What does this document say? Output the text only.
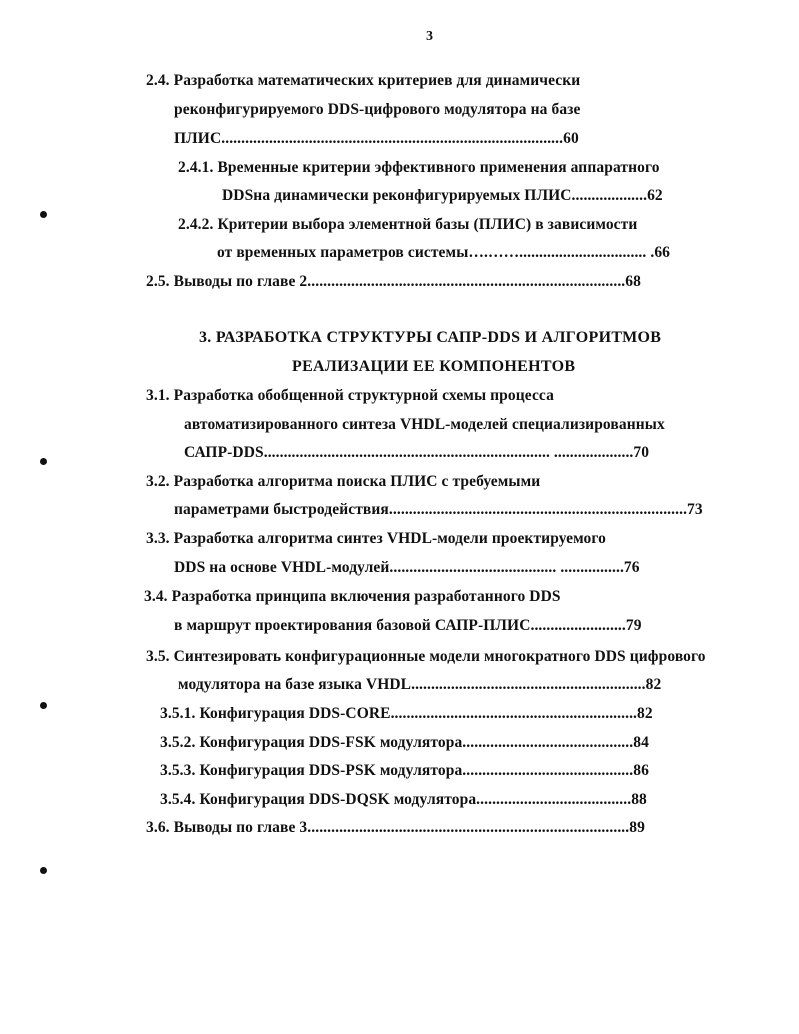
3
2.4. Разработка математических критериев для динамически
реконфигурируемого DDS-цифрового модулятора на базе
ПЛИС......................................................................................60
2.4.1. Временные критерии эффективного применения аппаратного
DDSна динамически реконфигурируемых ПЛИС...................62
2.4.2. Критерии выбора элементной базы (ПЛИС) в зависимости
от временных параметров системы….……................................ .66
2.5. Выводы по главе 2................................................................................68
3. РАЗРАБОТКА СТРУКТУРЫ САПР-DDS И АЛГОРИТМОВ
РЕАЛИЗАЦИИ ЕЕ КОМПОНЕНТОВ
3.1. Разработка обобщенной структурной схемы процесса
автоматизированного синтеза VHDL-моделей специализированных
САПР-DDS........................................................................ ....................70
3.2. Разработка алгоритма поиска ПЛИС с требуемыми
параметрами быстродействия...........................................................................73
3.3. Разработка алгоритма синтез VHDL-модели проектируемого
DDS на основе VHDL-модулей.......................................... ................76
3.4. Разработка принципа включения разработанного DDS
в маршрут проектирования базовой САПР-ПЛИС........................79
3.5. Синтезировать конфигурационные модели многократного DDS цифрового
модулятора на базе языка VHDL...........................................................82
3.5.1. Конфигурация DDS-CORE..............................................................82
3.5.2. Конфигурация DDS-FSK модулятора...........................................84
3.5.3. Конфигурация DDS-PSK модулятора...........................................86
3.5.4. Конфигурация DDS-DQSK модулятора.......................................88
3.6. Выводы по главе 3.................................................................................89
